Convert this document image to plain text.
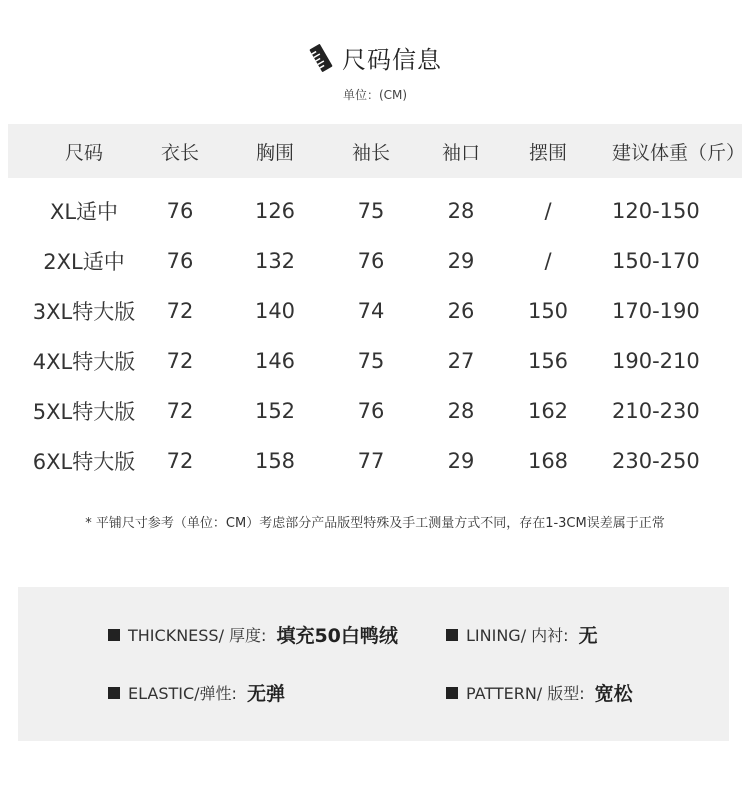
尺码信息
单位：(CM)
尺码	衣长	胸围	袖长	袖口	摆围	建议体重（斤）
XL适中	76	126	75	28	/	120-150
2XL适中	76	132	76	29	/	150-170
3XL特大版	72	140	74	26	150	170-190
4XL特大版	72	146	75	27	156	190-210
5XL特大版	72	152	76	28	162	210-230
6XL特大版	72	158	77	29	168	230-250
* 平铺尺寸参考（单位：CM）考虑部分产品版型特殊及手工测量方式不同，存在1-3CM误差属于正常
THICKNESS/ 厚度: 填充50白鸭绒	LINING/ 内衬: 无
ELASTIC/弹性: 无弹	PATTERN/ 版型: 宽松
